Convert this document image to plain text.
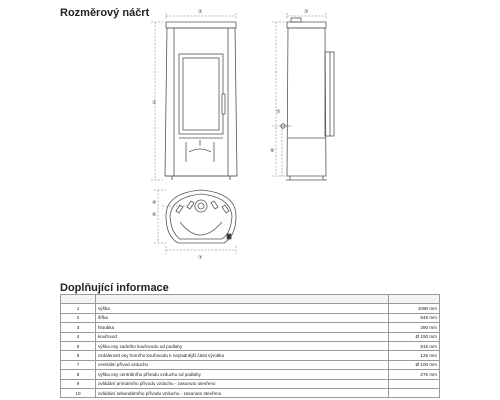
Rozměrový náčrt
①
②	③
⑤
⑧
④
⑥
⑦
Doplňující informace

1	výška	1090 mm
2	šířka	548 mm
3	hloubka	390 mm
4	kouřovod	Ø 150 mm
5	výška osy zadního kouřovodu od podlahy	915 mm
6	vzdálenost osy horního kouřovodu k nejzadnější části výrobku	125 mm
7	centrální přívod vzduchu	Ø 100 mm
8	výška osy centrálního přívodu vzduchu od podlahy	275 mm
9	ovládání primárního přívodu vzduchu - zasunuto otevřeno	
10	ovládání sekundárního přívodu vzduchu - zasunuto otevřeno	
